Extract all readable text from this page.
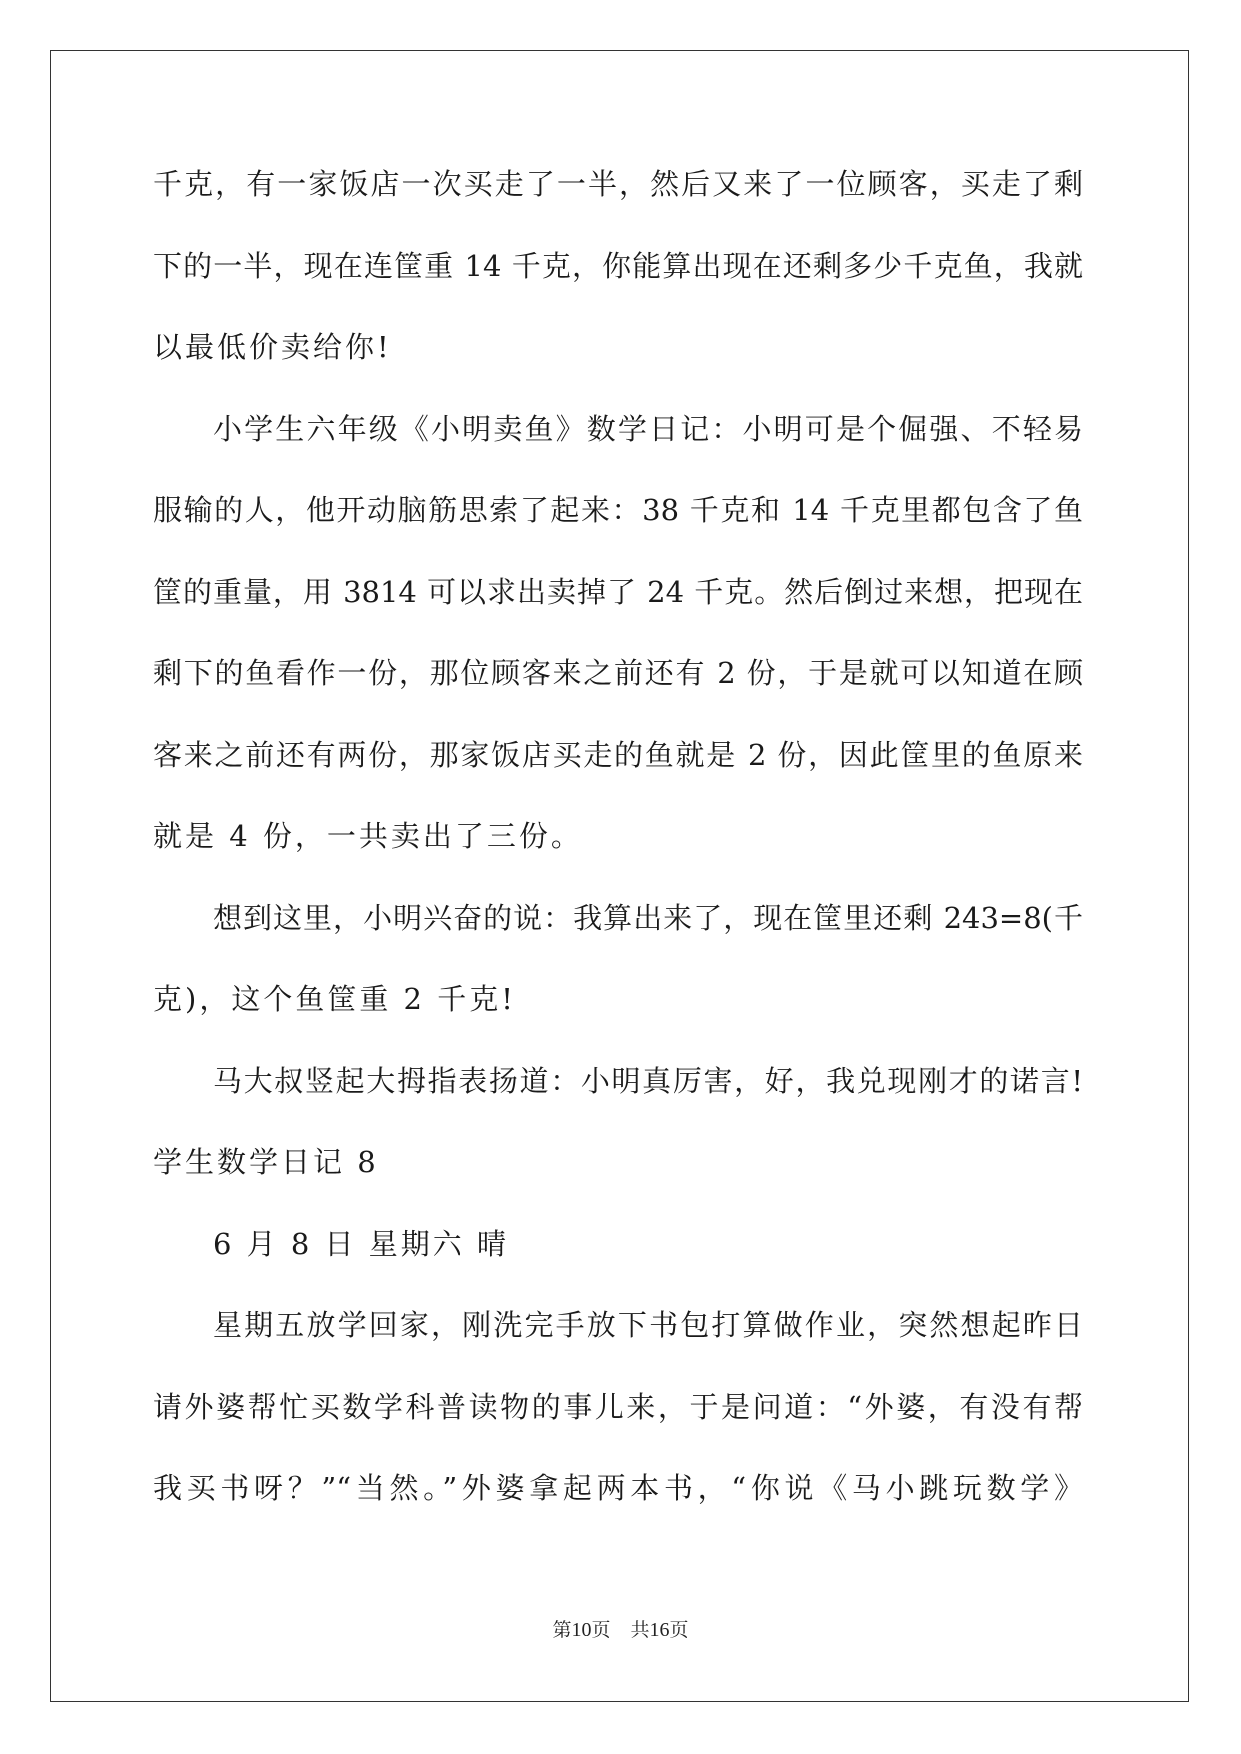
千克，有一家饭店一次买走了一半，然后又来了一位顾客，买走了剩
下的一半，现在连筐重 14 千克，你能算出现在还剩多少千克鱼，我就
以最低价卖给你!
小学生六年级《小明卖鱼》数学日记：小明可是个倔强、不轻易
服输的人，他开动脑筋思索了起来：38 千克和 14 千克里都包含了鱼
筐的重量，用 3814 可以求出卖掉了 24 千克。然后倒过来想，把现在
剩下的鱼看作一份，那位顾客来之前还有 2 份，于是就可以知道在顾
客来之前还有两份，那家饭店买走的鱼就是 2 份，因此筐里的鱼原来
就是 4 份，一共卖出了三份。
想到这里，小明兴奋的说：我算出来了，现在筐里还剩 243=8(千
克)，这个鱼筐重 2 千克!
马大叔竖起大拇指表扬道：小明真厉害，好，我兑现刚才的诺言!
学生数学日记 8
6 月 8 日 星期六 晴
星期五放学回家，刚洗完手放下书包打算做作业，突然想起昨日
请外婆帮忙买数学科普读物的事儿来，于是问道：“外婆，有没有帮
我买书呀？”“当然。”外婆拿起两本书，“你说《马小跳玩数学》
第10页 共16页
